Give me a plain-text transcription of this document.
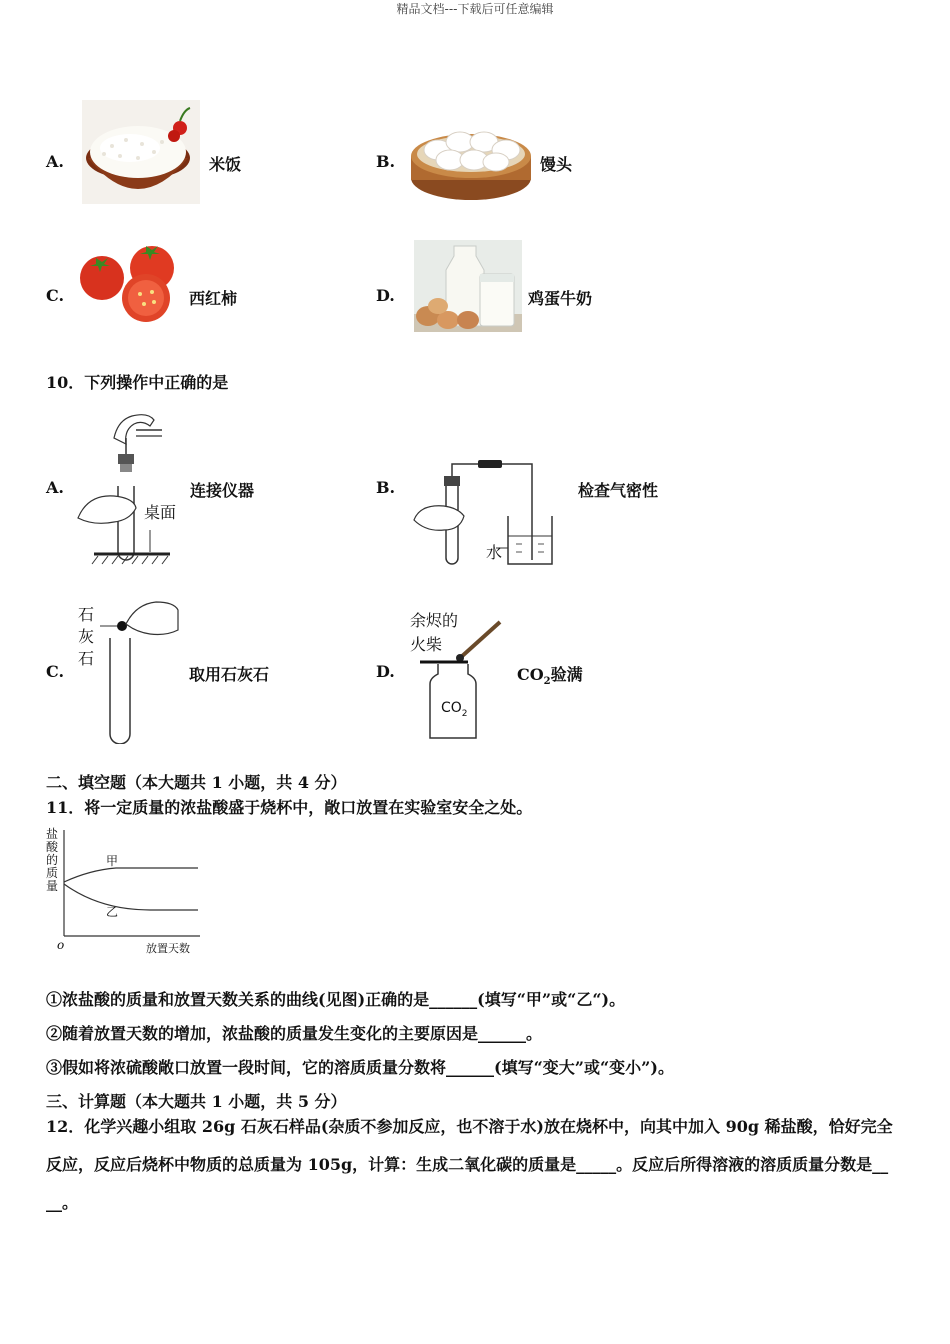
精品文档---下载后可任意编辑
A.	米饭	B.	馒头
C.	西红柿	D.	鸡蛋牛奶
10．下列操作中正确的是
A.
桌面
连接仪器	B.
水
检查气密性
C.
石
灰
石
取用石灰石	D.
余烬的
火柴
$CO_2$
$CO_2$验满
二、填空题（本大题共 1 小题，共 4 分）
11．将一定质量的浓盐酸盛于烧杯中，敞口放置在实验室安全之处。
盐
酸
的
质
量
甲
乙
o	放置天数
①浓盐酸的质量和放置天数关系的曲线(见图)正确的是______(填写“甲”或“乙“)。
②随着放置天数的增加，浓盐酸的质量发生变化的主要原因是______。
③假如将浓硫酸敞口放置一段时间，它的溶质质量分数将______(填写“变大”或“变小”)。
三、计算题（本大题共 1 小题，共 5 分）
12．化学兴趣小组取 26g 石灰石样品(杂质不参加反应，也不溶于水)放在烧杯中，向其中加入 90g 稀盐酸，恰好完全
反应，反应后烧杯中物质的总质量为 105g，计算：生成二氧化碳的质量是_____。反应后所得溶液的溶质质量分数是__
__。
